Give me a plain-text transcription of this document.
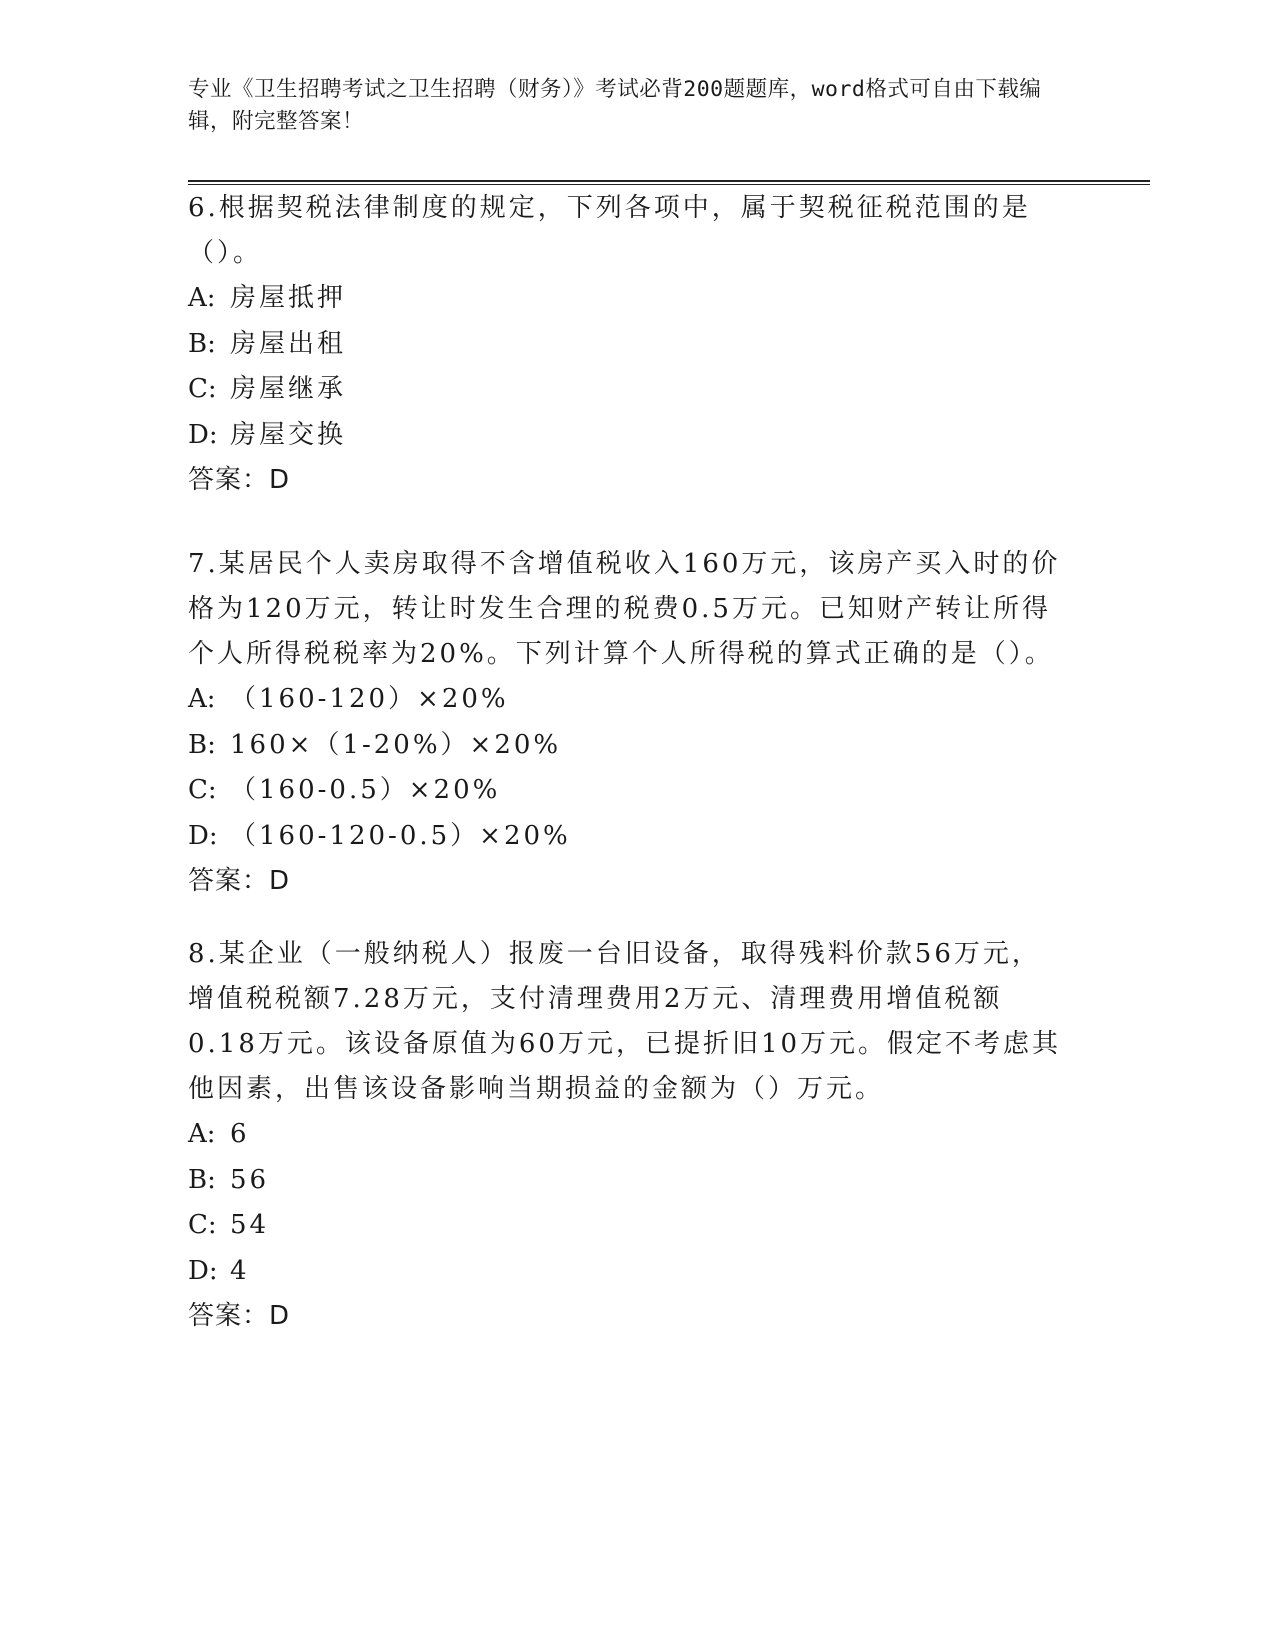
专业《卫生招聘考试之卫生招聘（财务）》考试必背200题题库，word格式可自由下载编辑，附完整答案！

6.根据契税法律制度的规定，下列各项中，属于契税征税范围的是（）。

A: 房屋抵押

B: 房屋出租

C: 房屋继承

D: 房屋交换

答案：D

7.某居民个人卖房取得不含增值税收入160万元，该房产买入时的价格为120万元，转让时发生合理的税费0.5万元。已知财产转让所得个人所得税税率为20%。下列计算个人所得税的算式正确的是（）。

A: （160-120）×20%

B: 160×（1-20%）×20%

C: （160-0.5）×20%

D: （160-120-0.5）×20%

答案：D

8.某企业（一般纳税人）报废一台旧设备，取得残料价款56万元，增值税税额7.28万元，支付清理费用2万元、清理费用增值税额0.18万元。该设备原值为60万元，已提折旧10万元。假定不考虑其他因素，出售该设备影响当期损益的金额为（）万元。

A: 6

B: 56

C: 54

D: 4

答案：D
